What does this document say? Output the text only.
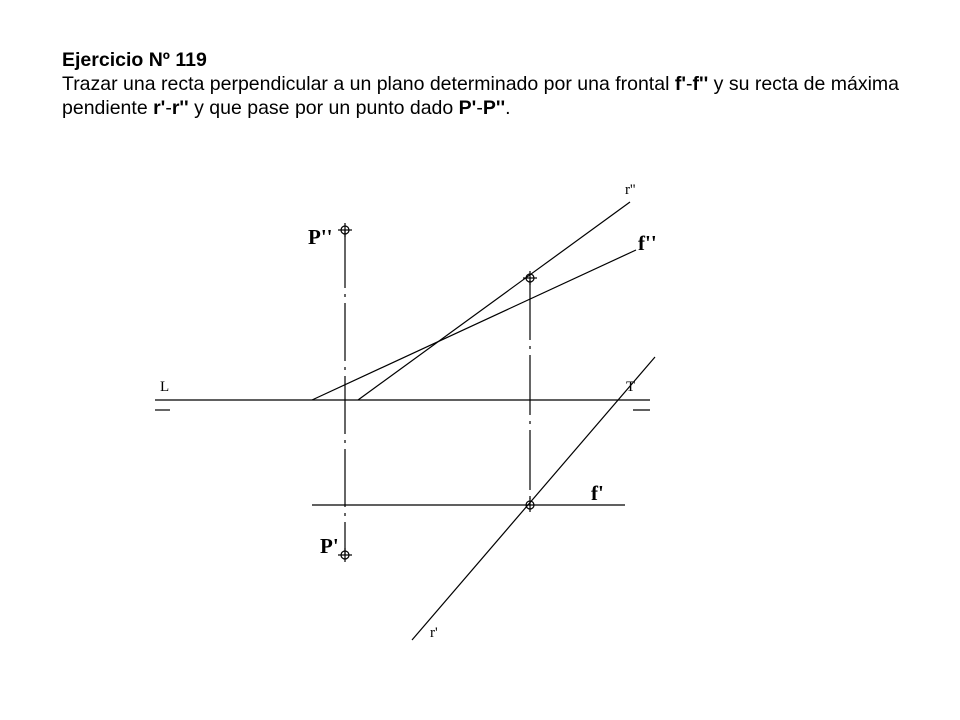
Ejercicio Nº 119
Trazar una recta perpendicular a un plano determinado por una frontal f'-f'' y su recta de máxima pendiente r'-r'' y que pase por un punto dado P'-P''.
L	T
r''
f''
P''
f'
P'
r'
